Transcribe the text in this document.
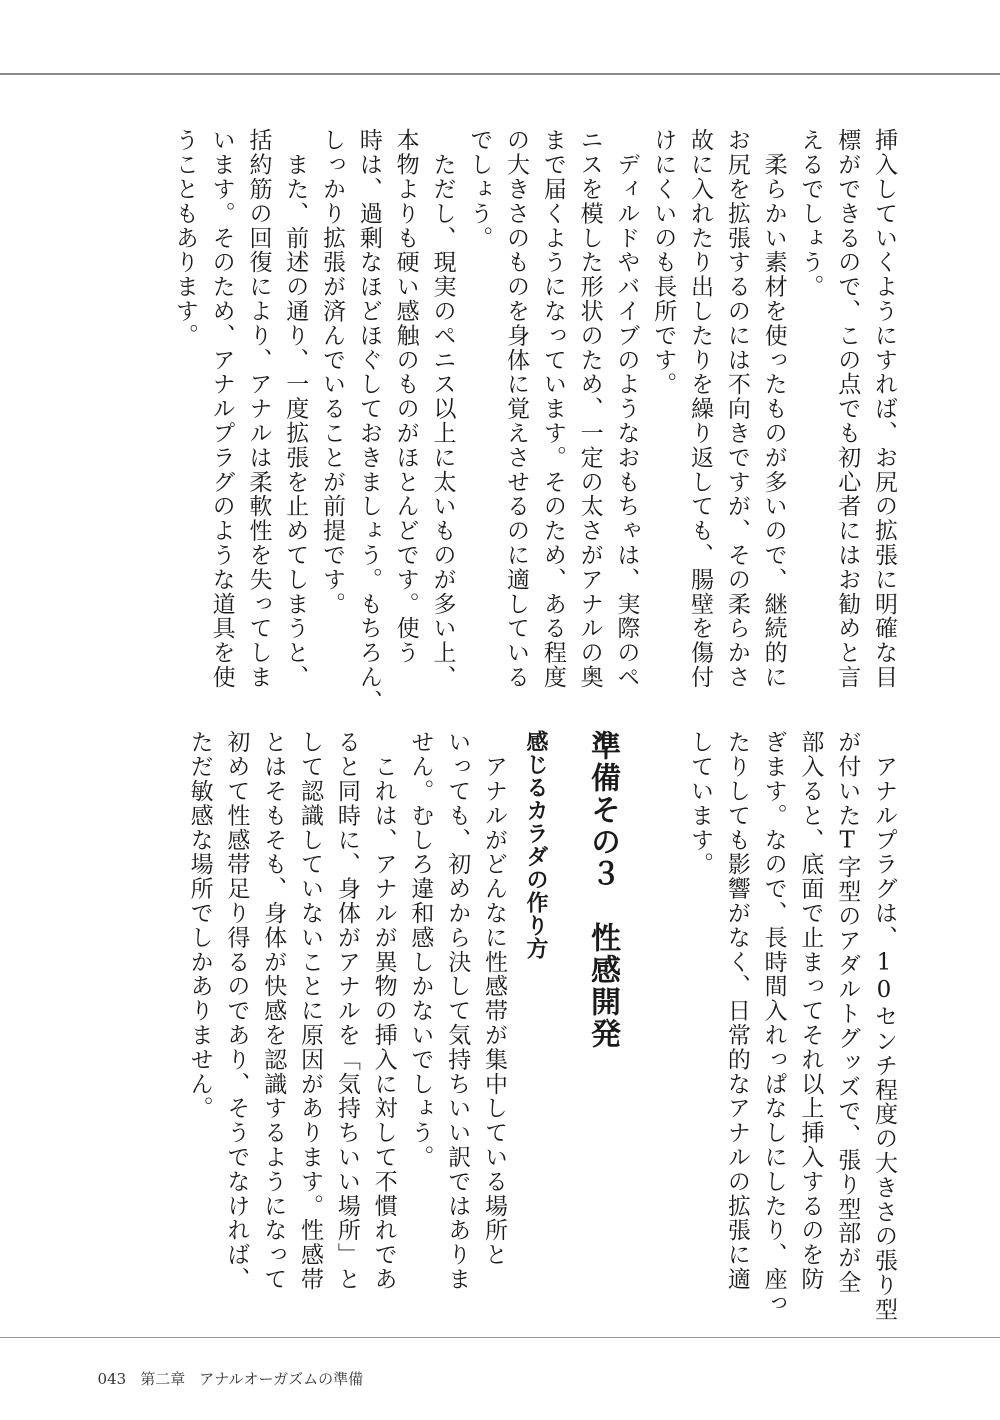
挿入していくようにすれば、お尻の拡張に明確な目

標ができるので、この点でも初心者にはお勧めと言

えるでしょう。

　柔らかい素材を使ったものが多いので、継続的に

お尻を拡張するのには不向きですが、その柔らかさ

故に入れたり出したりを繰り返しても、腸壁を傷付

けにくいのも長所です。

　ディルドやバイブのようなおもちゃは、実際のペ

ニスを模した形状のため、一定の太さがアナルの奥

まで届くようになっています。そのため、ある程度

の大きさのものを身体に覚えさせるのに適している

でしょう。

　ただし、現実のペニス以上に太いものが多い上、

本物よりも硬い感触のものがほとんどです。使う

時は、過剰なほどほぐしておきましょう。もちろん、

しっかり拡張が済んでいることが前提です。

　また、前述の通り、一度拡張を止めてしまうと、

括約筋の回復により、アナルは柔軟性を失ってしま

います。そのため、アナルプラグのような道具を使

うこともあります。

　アナルプラグは、10センチ程度の大きさの張り型

が付いたT字型のアダルトグッズで、張り型部が全

部入ると、底面で止まってそれ以上挿入するのを防

ぎます。なので、長時間入れっぱなしにしたり、座っ

たりしても影響がなく、日常的なアナルの拡張に適

しています。

準備その３　性感開発
感じるカラダの作り方

　アナルがどんなに性感帯が集中している場所と

いっても、初めから決して気持ちいい訳ではありま

せん。むしろ違和感しかないでしょう。

　これは、アナルが異物の挿入に対して不慣れであ

ると同時に、身体がアナルを「気持ちいい場所」と

して認識していないことに原因があります。性感帯

とはそもそも、身体が快感を認識するようになって

初めて性感帯足り得るのであり、そうでなければ、

ただ敏感な場所でしかありません。

043 第二章 アナルオーガズムの準備
